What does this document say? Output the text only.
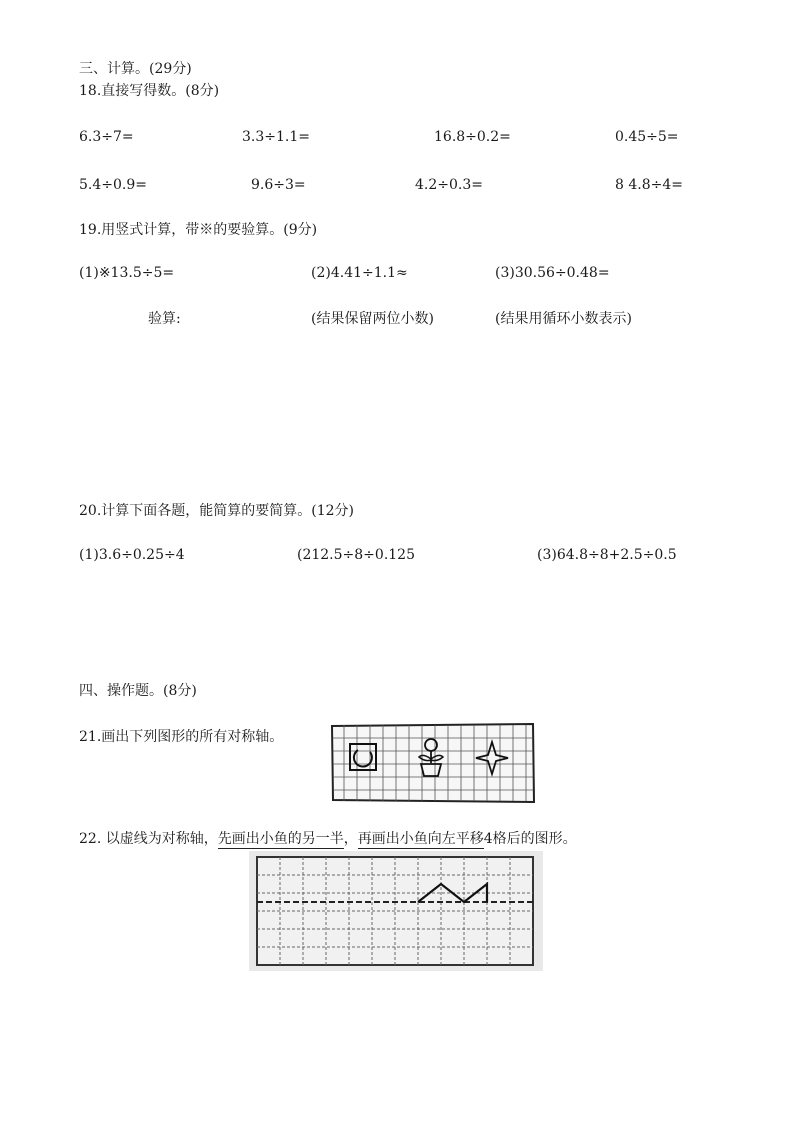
三、计算。(29分)
18.直接写得数。(8分)
6.3÷7=	3.3÷1.1=	16.8÷0.2=	0.45÷5=
5.4÷0.9=	9.6÷3=	4.2÷0.3=	8 4.8÷4=
19.用竖式计算，带※的要验算。(9分)
(1)※13.5÷5=	(2)4.41÷1.1≈	(3)30.56÷0.48=
验算:	(结果保留两位小数)	(结果用循环小数表示)
20.计算下面各题，能简算的要简算。(12分)
(1)3.6÷0.25÷4	(212.5÷8÷0.125	(3)64.8÷8+2.5÷0.5
四、操作题。(8分)
21.画出下列图形的所有对称轴。
22. 以虚线为对称轴，先画出小鱼的另一半，再画出小鱼向左平移4格后的图形。
